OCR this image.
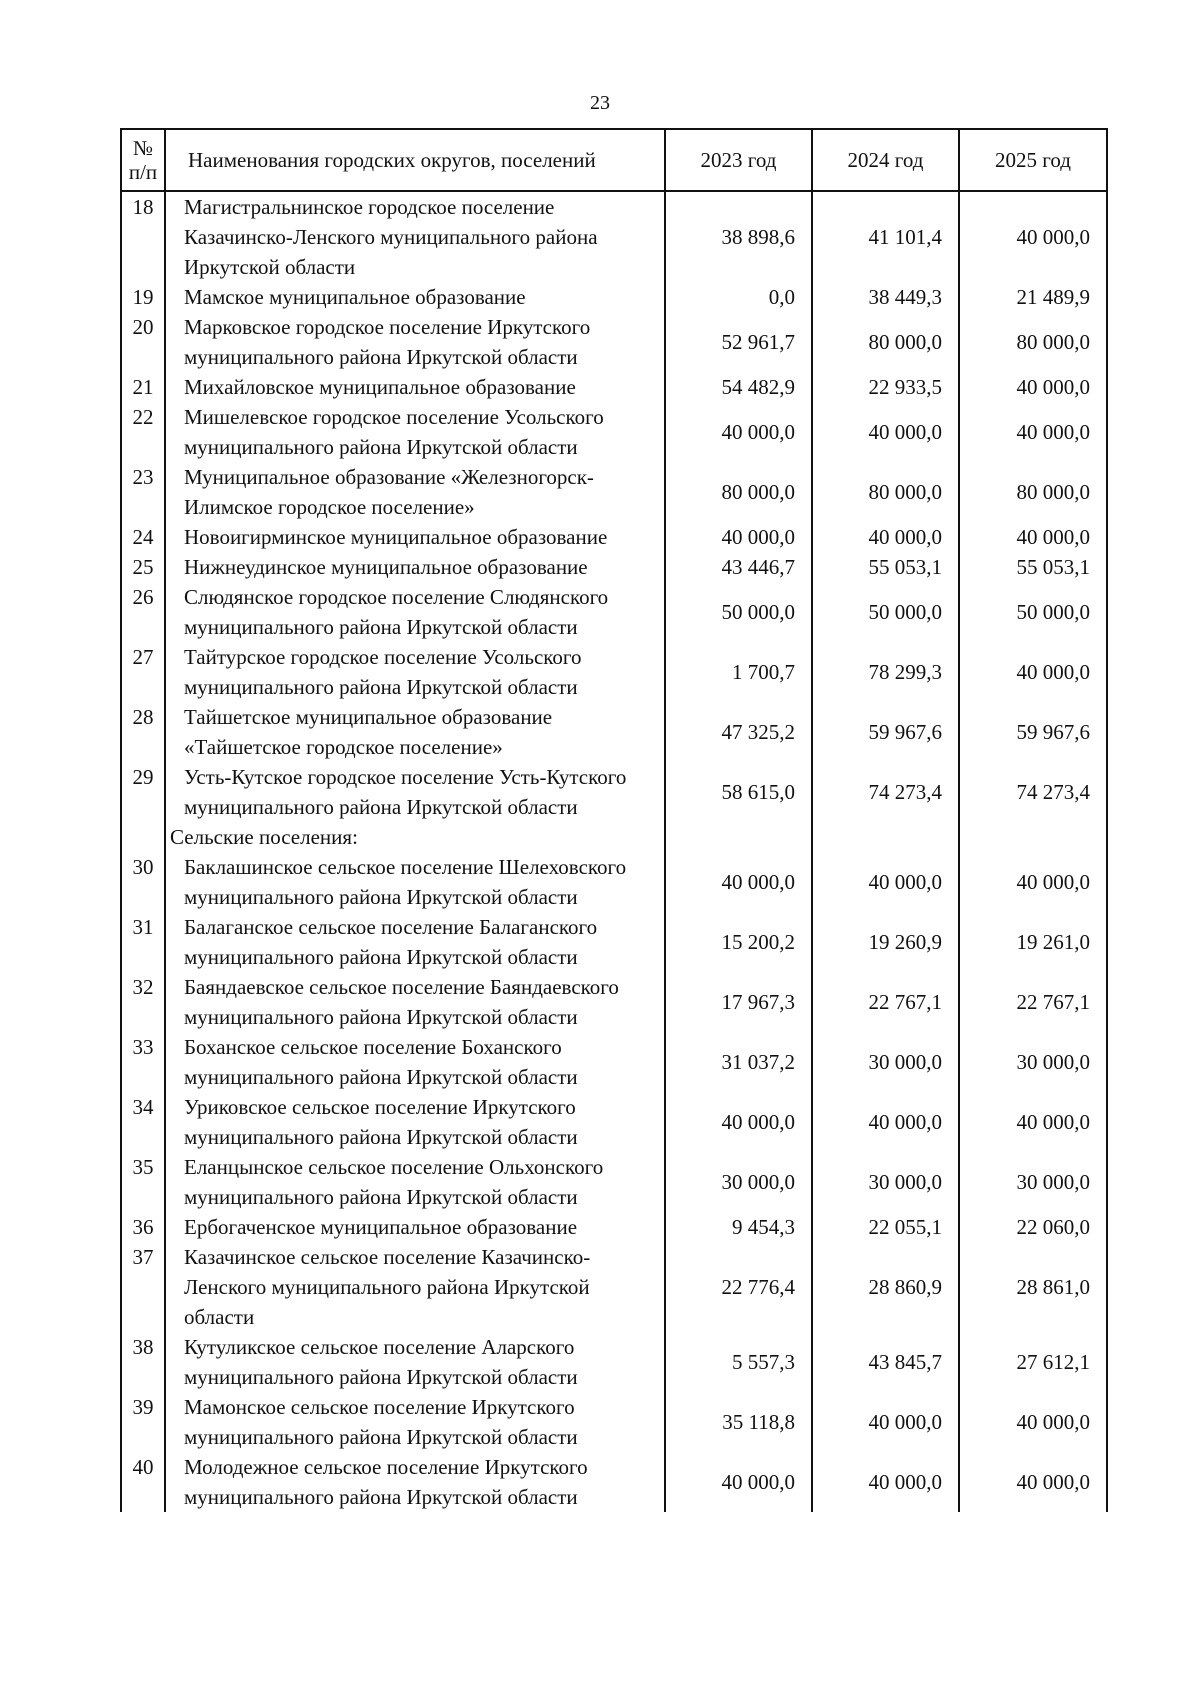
23
№
п/п	Наименования городских округов, поселений	2023 год	2024 год	2025 год
18	Магистральнинское городское поселение Казачинско-Ленского муниципального района Иркутской области	38 898,6	41 101,4	40 000,0
19	Мамское муниципальное образование	0,0	38 449,3	21 489,9
20	Марковское городское поселение Иркутского муниципального района Иркутской области	52 961,7	80 000,0	80 000,0
21	Михайловское муниципальное образование	54 482,9	22 933,5	40 000,0
22	Мишелевское городское поселение Усольского муниципального района Иркутской области	40 000,0	40 000,0	40 000,0
23	Муниципальное образование «Железногорск-Илимское городское поселение»	80 000,0	80 000,0	80 000,0
24	Новоигирминское муниципальное образование	40 000,0	40 000,0	40 000,0
25	Нижнеудинское муниципальное образование	43 446,7	55 053,1	55 053,1
26	Слюдянское городское поселение Слюдянского муниципального района Иркутской области	50 000,0	50 000,0	50 000,0
27	Тайтурское городское поселение Усольского муниципального района Иркутской области	1 700,7	78 299,3	40 000,0
28	Тайшетское муниципальное образование «Тайшетское городское поселение»	47 325,2	59 967,6	59 967,6
29	Усть-Кутское городское поселение Усть-Кутского муниципального района Иркутской области	58 615,0	74 273,4	74 273,4
	Сельские поселения:			
30	Баклашинское сельское поселение Шелеховского муниципального района Иркутской области	40 000,0	40 000,0	40 000,0
31	Балаганское сельское поселение Балаганского муниципального района Иркутской области	15 200,2	19 260,9	19 261,0
32	Баяндаевское сельское поселение Баяндаевского муниципального района Иркутской области	17 967,3	22 767,1	22 767,1
33	Боханское сельское поселение Боханского муниципального района Иркутской области	31 037,2	30 000,0	30 000,0
34	Уриковское сельское поселение Иркутского муниципального района Иркутской области	40 000,0	40 000,0	40 000,0
35	Еланцынское сельское поселение Ольхонского муниципального района Иркутской области	30 000,0	30 000,0	30 000,0
36	Ербогаченское муниципальное образование	9 454,3	22 055,1	22 060,0
37	Казачинское сельское поселение Казачинско-Ленского муниципального района Иркутской области	22 776,4	28 860,9	28 861,0
38	Кутуликское сельское поселение Аларского муниципального района Иркутской области	5 557,3	43 845,7	27 612,1
39	Мамонское сельское поселение Иркутского муниципального района Иркутской области	35 118,8	40 000,0	40 000,0
40	Молодежное сельское поселение Иркутского муниципального района Иркутской области	40 000,0	40 000,0	40 000,0
